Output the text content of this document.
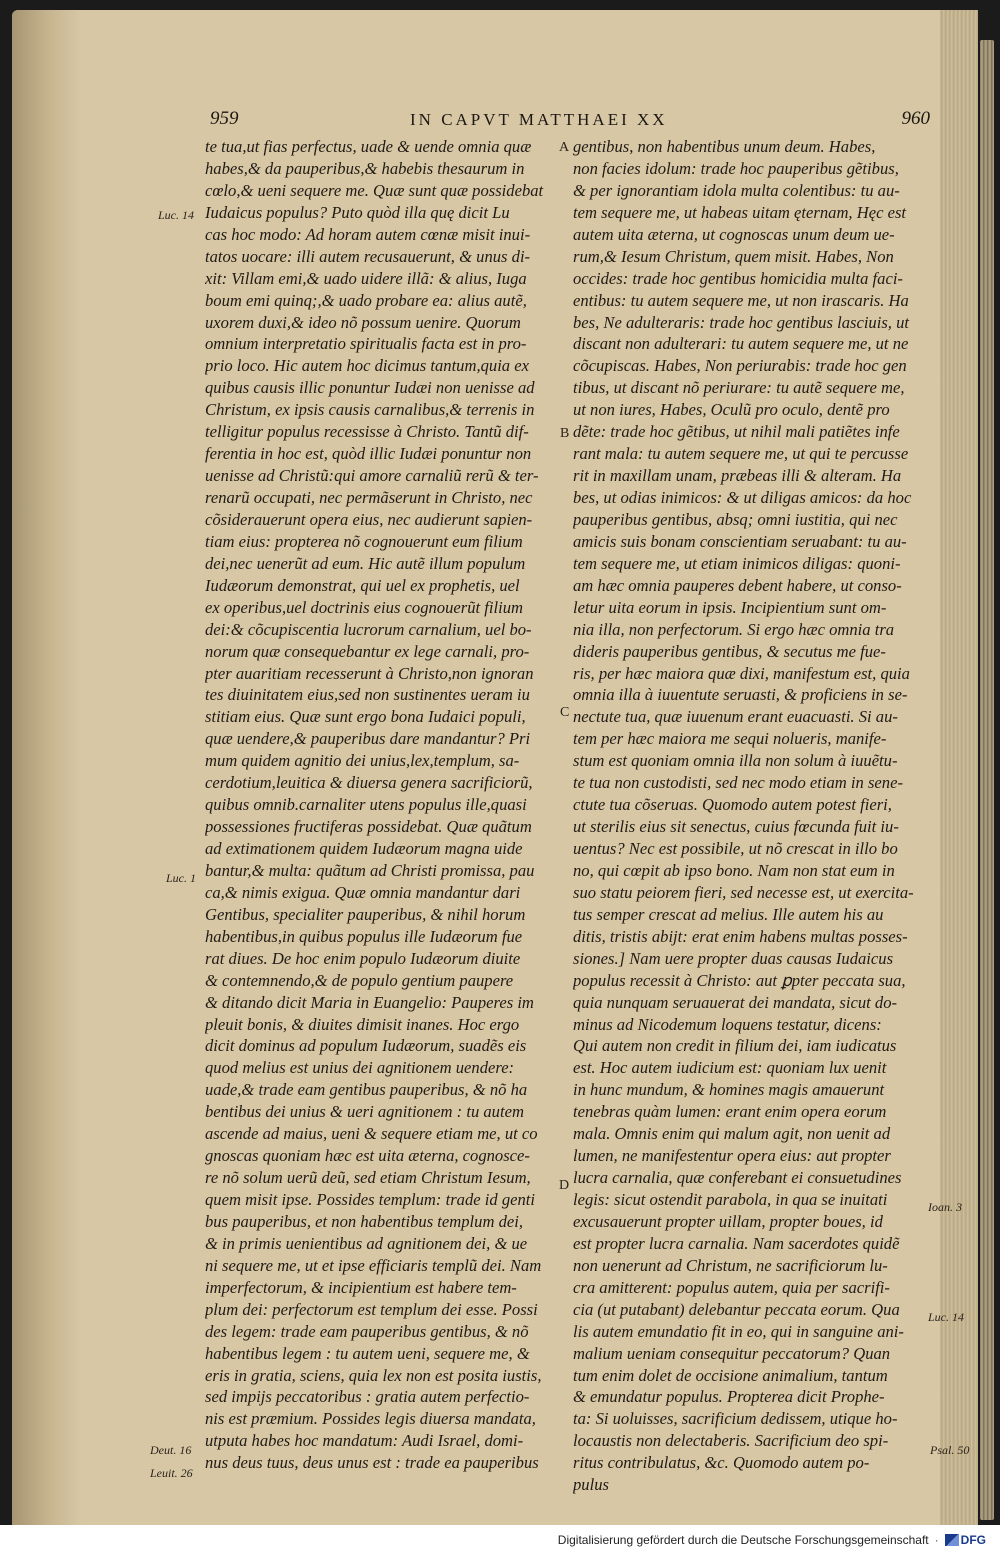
959	IN CAPVT MATTHAEI XX	960
te tua,ut fias perfectus, uade & uende omnia quæ
habes,& da pauperibus,& habebis thesaurum in
cœlo,& ueni sequere me. Quæ sunt quæ possidebat
Iudaicus populus? Puto quòd illa quę dicit Lu
cas hoc modo: Ad horam autem cœnæ misit inui-
tatos uocare: illi autem recusauerunt, & unus di-
xit: Villam emi,& uado uidere illã: & alius, Iuga
boum emi quinq;,& uado probare ea: alius autẽ,
uxorem duxi,& ideo nõ possum uenire. Quorum
omnium interpretatio spiritualis facta est in pro-
prio loco. Hic autem hoc dicimus tantum,quia ex
quibus causis illic ponuntur Iudæi non uenisse ad
Christum, ex ipsis causis carnalibus,& terrenis in
telligitur populus recessisse à Christo. Tantũ dif-
ferentia in hoc est, quòd illic Iudæi ponuntur non
uenisse ad Christũ:qui amore carnaliũ rerũ & ter-
renarũ occupati, nec permãserunt in Christo, nec
cõsiderauerunt opera eius, nec audierunt sapien-
tiam eius: propterea nõ cognouerunt eum filium
dei,nec uenerũt ad eum. Hic autẽ illum populum
Iudæorum demonstrat, qui uel ex prophetis, uel
ex operibus,uel doctrinis eius cognouerũt filium
dei:& cõcupiscentia lucrorum carnalium, uel bo-
norum quæ consequebantur ex lege carnali, pro-
pter auaritiam recesserunt à Christo,non ignoran
tes diuinitatem eius,sed non sustinentes ueram iu
stitiam eius. Quæ sunt ergo bona Iudaici populi,
quæ uendere,& pauperibus dare mandantur? Pri
mum quidem agnitio dei unius,lex,templum, sa-
cerdotium,leuitica & diuersa genera sacrificiorũ,
quibus omnib.carnaliter utens populus ille,quasi
possessiones fructiferas possidebat. Quæ quãtum
ad extimationem quidem Iudæorum magna uide
bantur,& multa: quãtum ad Christi promissa, pau
ca,& nimis exigua. Quæ omnia mandantur dari
Gentibus, specialiter pauperibus, & nihil horum
habentibus,in quibus populus ille Iudæorum fue
rat diues. De hoc enim populo Iudæorum diuite
& contemnendo,& de populo gentium paupere
& ditando dicit Maria in Euangelio: Pauperes im
pleuit bonis, & diuites dimisit inanes. Hoc ergo
dicit dominus ad populum Iudæorum, suadẽs eis
quod melius est unius dei agnitionem uendere:
uade,& trade eam gentibus pauperibus, & nõ ha
bentibus dei unius & ueri agnitionem : tu autem
ascende ad maius, ueni & sequere etiam me, ut co
gnoscas quoniam hæc est uita æterna, cognosce-
re nõ solum uerũ deũ, sed etiam Christum Iesum,
quem misit ipse. Possides templum: trade id genti
bus pauperibus, et non habentibus templum dei,
& in primis uenientibus ad agnitionem dei, & ue
ni sequere me, ut et ipse efficiaris templũ dei. Nam
imperfectorum, & incipientium est habere tem-
plum dei: perfectorum est templum dei esse. Possi
des legem: trade eam pauperibus gentibus, & nõ
habentibus legem : tu autem ueni, sequere me, &
eris in gratia, sciens, quia lex non est posita iustis,
sed impijs peccatoribus : gratia autem perfectio-
nis est præmium. Possides legis diuersa mandata,
utputa habes hoc mandatum: Audi Israel, domi-
nus deus tuus, deus unus est : trade ea pauperibus
gentibus, non habentibus unum deum. Habes,
non facies idolum: trade hoc pauperibus gẽtibus,
& per ignorantiam idola multa colentibus: tu au-
tem sequere me, ut habeas uitam ęternam, Hęc est
autem uita æterna, ut cognoscas unum deum ue-
rum,& Iesum Christum, quem misit. Habes, Non
occides: trade hoc gentibus homicidia multa faci-
entibus: tu autem sequere me, ut non irascaris. Ha
bes, Ne adulteraris: trade hoc gentibus lasciuis, ut
discant non adulterari: tu autem sequere me, ut ne
cõcupiscas. Habes, Non periurabis: trade hoc gen
tibus, ut discant nõ periurare: tu autẽ sequere me,
ut non iures, Habes, Oculũ pro oculo, dentẽ pro
dẽte: trade hoc gẽtibus, ut nihil mali patiẽtes infe
rant mala: tu autem sequere me, ut qui te percusse
rit in maxillam unam, præbeas illi & alteram. Ha
bes, ut odias inimicos: & ut diligas amicos: da hoc
pauperibus gentibus, absq; omni iustitia, qui nec
amicis suis bonam conscientiam seruabant: tu au-
tem sequere me, ut etiam inimicos diligas: quoni-
am hæc omnia pauperes debent habere, ut conso-
letur uita eorum in ipsis. Incipientium sunt om-
nia illa, non perfectorum. Si ergo hæc omnia tra
dideris pauperibus gentibus, & secutus me fue-
ris, per hæc maiora quæ dixi, manifestum est, quia
omnia illa à iuuentute seruasti, & proficiens in se-
nectute tua, quæ iuuenum erant euacuasti. Si au-
tem per hæc maiora me sequi nolueris, manife-
stum est quoniam omnia illa non solum à iuuẽtu-
te tua non custodisti, sed nec modo etiam in sene-
ctute tua cõseruas. Quomodo autem potest fieri,
ut sterilis eius sit senectus, cuius fœcunda fuit iu-
uentus? Nec est possibile, ut nõ crescat in illo bo
no, qui cœpit ab ipso bono. Nam non stat eum in
suo statu peiorem fieri, sed necesse est, ut exercita-
tus semper crescat ad melius. Ille autem his au
ditis, tristis abijt: erat enim habens multas posses-
siones.] Nam uere propter duas causas Iudaicus
populus recessit à Christo: aut ꝑpter peccata sua,
quia nunquam seruauerat dei mandata, sicut do-
minus ad Nicodemum loquens testatur, dicens:
Qui autem non credit in filium dei, iam iudicatus
est. Hoc autem iudicium est: quoniam lux uenit
in hunc mundum, & homines magis amauerunt
tenebras quàm lumen: erant enim opera eorum
mala. Omnis enim qui malum agit, non uenit ad
lumen, ne manifestentur opera eius: aut propter
lucra carnalia, quæ conferebant ei consuetudines
legis: sicut ostendit parabola, in qua se inuitati
excusauerunt propter uillam, propter boues, id
est propter lucra carnalia. Nam sacerdotes quidẽ
non uenerunt ad Christum, ne sacrificiorum lu-
cra amitterent: populus autem, quia per sacrifi-
cia (ut putabant) delebantur peccata eorum. Qua
lis autem emundatio fit in eo, qui in sanguine ani-
malium ueniam consequitur peccatorum? Quan
tum enim dolet de occisione animalium, tantum
& emundatur populus. Propterea dicit Prophe-
ta: Si uoluisses, sacrificium dedissem, utique ho-
locaustis non delectaberis. Sacrificium deo spi-
ritus contribulatus, &c. Quomodo autem po-
pulus
Luc. 14
Luc. 1
Deut. 16
Leuit. 26
Ioan. 3
Luc. 14
Psal. 50
A
B
C
D
Digitalisierung gefördert durch die Deutsche Forschungsgemeinschaft · DFG
